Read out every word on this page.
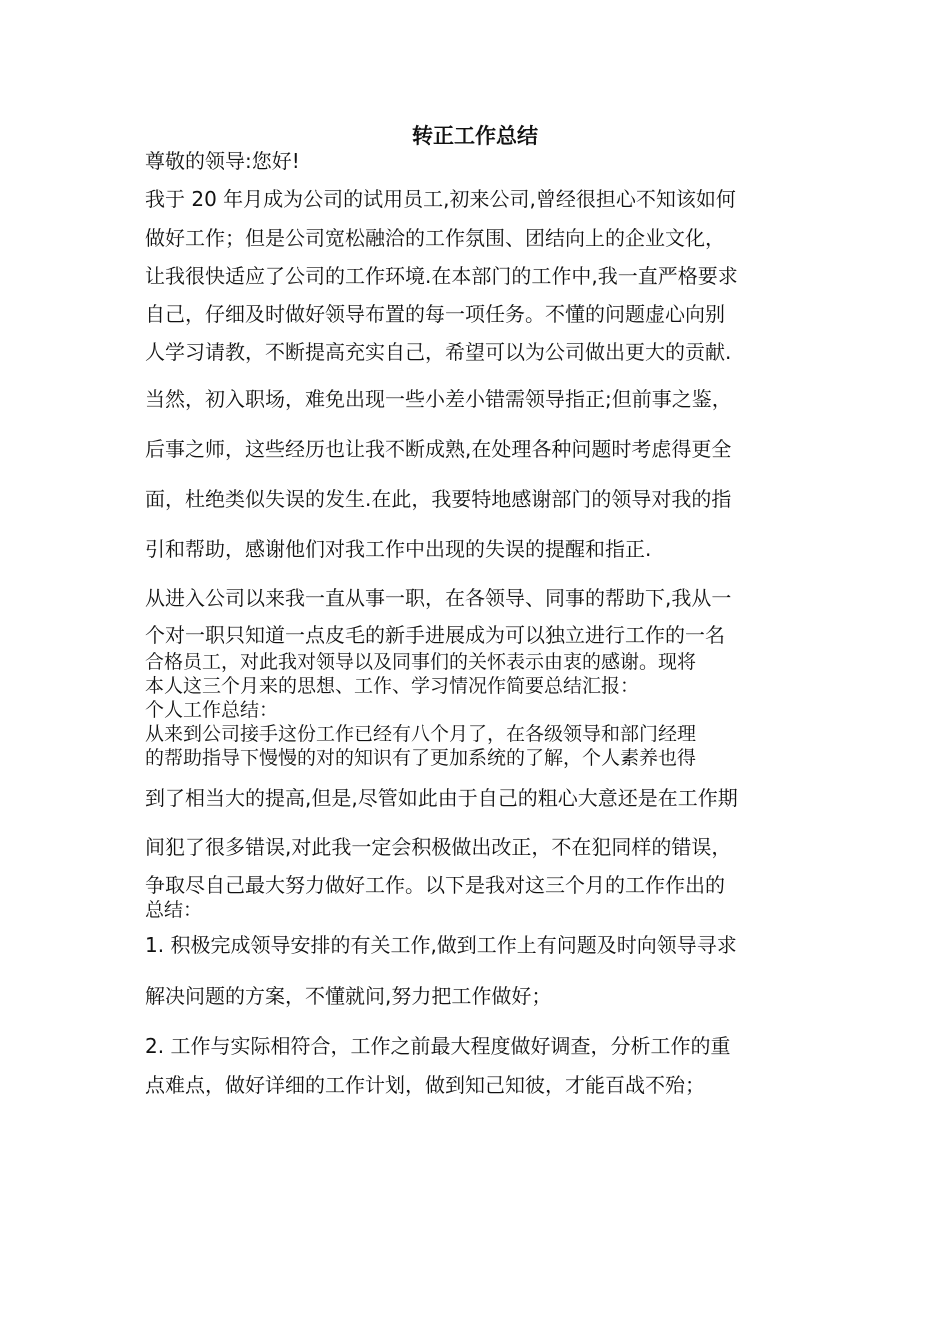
转正工作总结
尊敬的领导:您好!
我于 20 年月成为公司的试用员工,初来公司,曾经很担心不知该如何
做好工作；但是公司宽松融洽的工作氛围、团结向上的企业文化，
让我很快适应了公司的工作环境.在本部门的工作中,我一直严格要求
自己，仔细及时做好领导布置的每一项任务。不懂的问题虚心向别
人学习请教，不断提高充实自己，希望可以为公司做出更大的贡献.
当然，初入职场，难免出现一些小差小错需领导指正;但前事之鉴，
后事之师，这些经历也让我不断成熟,在处理各种问题时考虑得更全
面，杜绝类似失误的发生.在此，我要特地感谢部门的领导对我的指
引和帮助，感谢他们对我工作中出现的失误的提醒和指正.
从进入公司以来我一直从事一职，在各领导、同事的帮助下,我从一
个对一职只知道一点皮毛的新手进展成为可以独立进行工作的一名
合格员工，对此我对领导以及同事们的关怀表示由衷的感谢。现将
本人这三个月来的思想、工作、学习情况作简要总结汇报：
个人工作总结：
从来到公司接手这份工作已经有八个月了，在各级领导和部门经理
的帮助指导下慢慢的对的知识有了更加系统的了解，个人素养也得
到了相当大的提高,但是,尽管如此由于自己的粗心大意还是在工作期
间犯了很多错误,对此我一定会积极做出改正，不在犯同样的错误，
争取尽自己最大努力做好工作。以下是我对这三个月的工作作出的
总结：
1. 积极完成领导安排的有关工作,做到工作上有问题及时向领导寻求
解决问题的方案，不懂就问,努力把工作做好；
2. 工作与实际相符合，工作之前最大程度做好调查，分析工作的重
点难点，做好详细的工作计划，做到知己知彼，才能百战不殆；
